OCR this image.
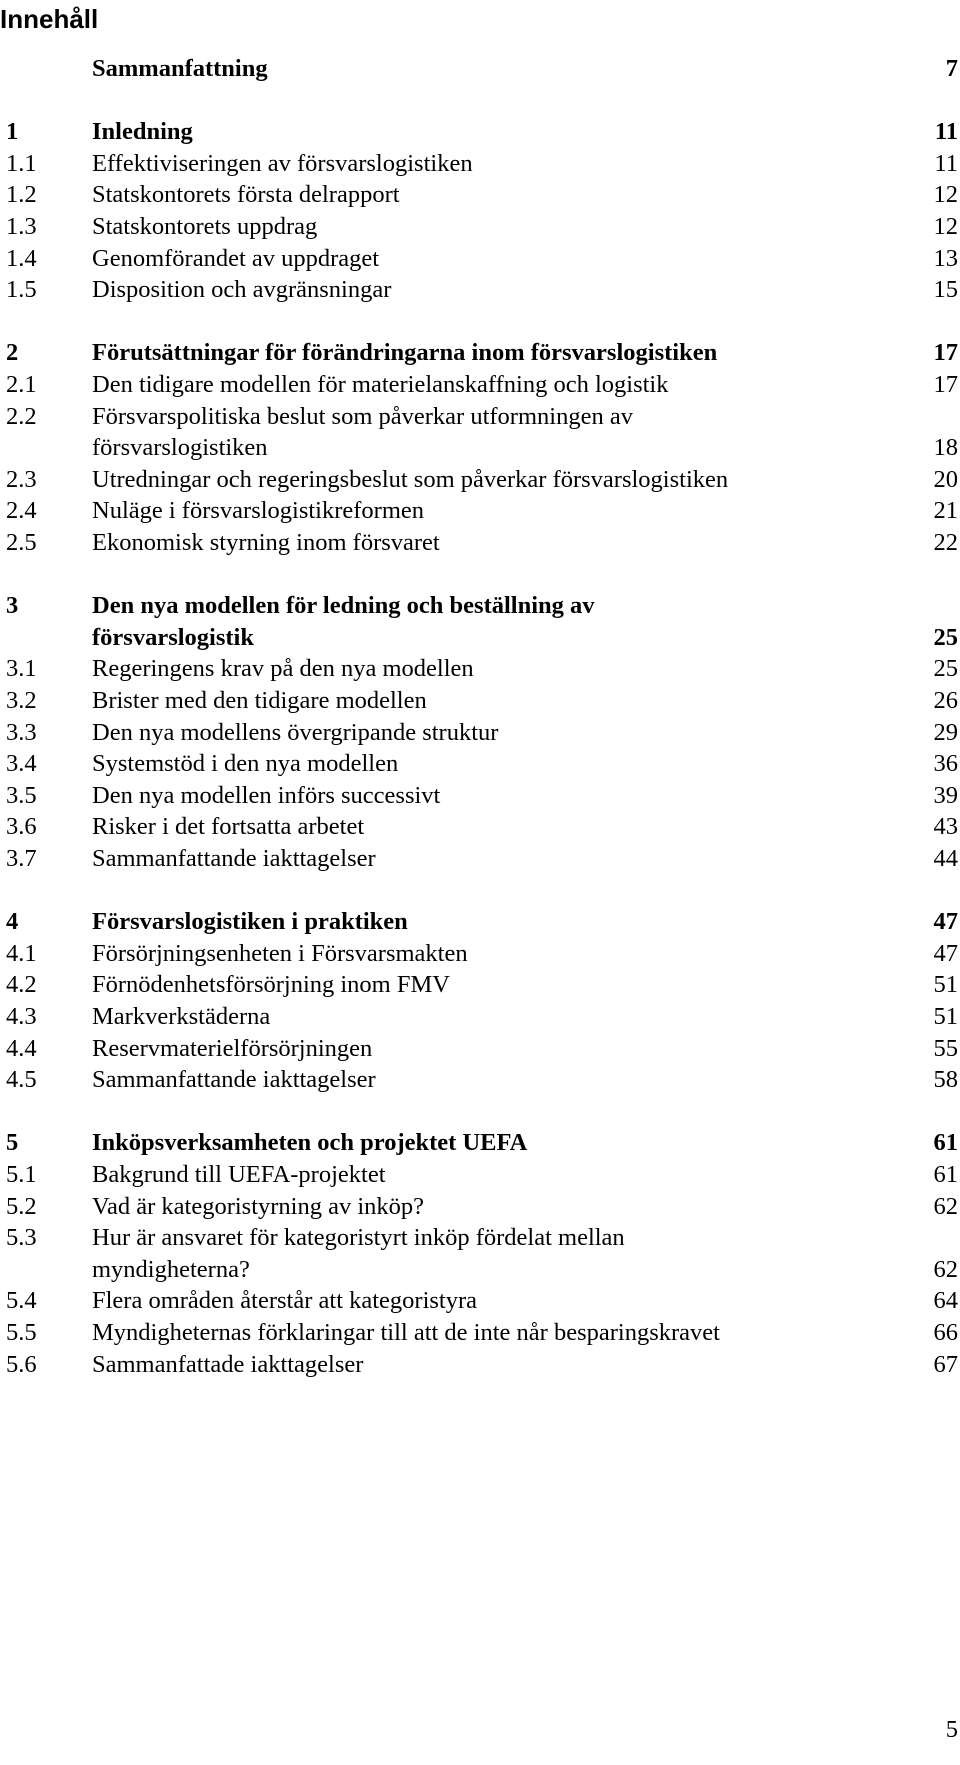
Innehåll
Sammanfattning	7
1	Inledning	11
1.1 Effektiviseringen av försvarslogistiken	11
1.2 Statskontorets första delrapport	12
1.3 Statskontorets uppdrag	12
1.4 Genomförandet av uppdraget	13
1.5 Disposition och avgränsningar	15
2	Förutsättningar för förändringarna inom försvarslogistiken	17
2.1 Den tidigare modellen för materielanskaffning och logistik	17
2.2 Försvarspolitiska beslut som påverkar utformningen av
försvarslogistiken	18
2.3 Utredningar och regeringsbeslut som påverkar försvarslogistiken	20
2.4 Nuläge i försvarslogistikreformen	21
2.5 Ekonomisk styrning inom försvaret	22
3	Den nya modellen för ledning och beställning av
försvarslogistik	25
3.1 Regeringens krav på den nya modellen	25
3.2 Brister med den tidigare modellen	26
3.3 Den nya modellens övergripande struktur	29
3.4 Systemstöd i den nya modellen	36
3.5 Den nya modellen införs successivt	39
3.6 Risker i det fortsatta arbetet	43
3.7 Sammanfattande iakttagelser	44
4	Försvarslogistiken i praktiken	47
4.1 Försörjningsenheten i Försvarsmakten	47
4.2 Förnödenhetsförsörjning inom FMV	51
4.3 Markverkstäderna	51
4.4 Reservmaterielförsörjningen	55
4.5 Sammanfattande iakttagelser	58
5	Inköpsverksamheten och projektet UEFA	61
5.1 Bakgrund till UEFA-projektet	61
5.2 Vad är kategoristyrning av inköp?	62
5.3 Hur är ansvaret för kategoristyrt inköp fördelat mellan
myndigheterna?	62
5.4 Flera områden återstår att kategoristyra	64
5.5 Myndigheternas förklaringar till att de inte når besparingskravet	66
5.6 Sammanfattade iakttagelser	67
5
